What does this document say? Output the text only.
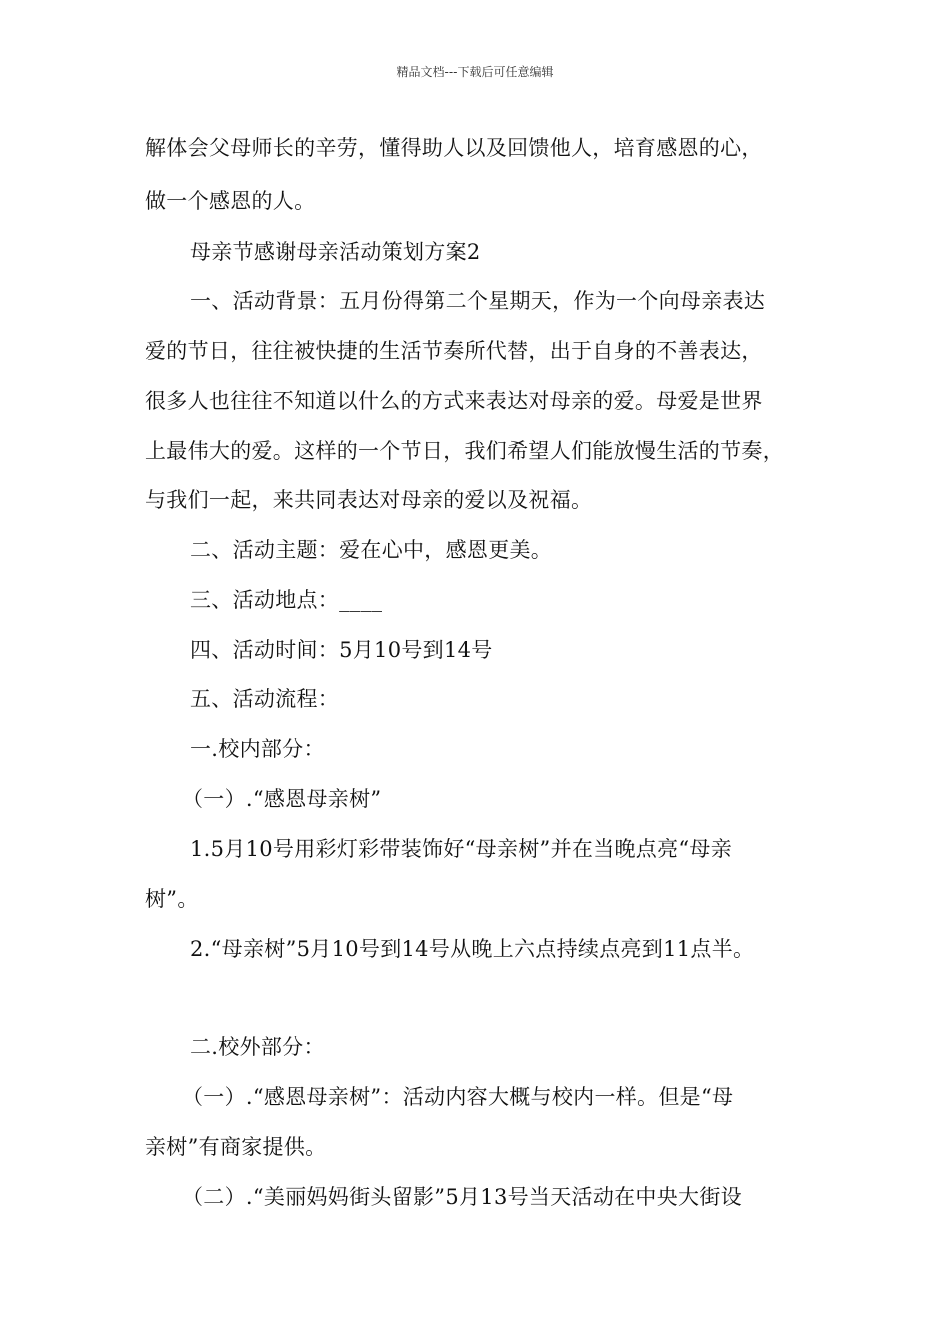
精品文档---下载后可任意编辑
解体会父母师长的辛劳，懂得助人以及回馈他人，培育感恩的心，
做一个感恩的人。
母亲节感谢母亲活动策划方案2
一、活动背景：五月份得第二个星期天，作为一个向母亲表达
爱的节日，往往被快捷的生活节奏所代替，出于自身的不善表达，
很多人也往往不知道以什么的方式来表达对母亲的爱。母爱是世界
上最伟大的爱。这样的一个节日，我们希望人们能放慢生活的节奏，
与我们一起，来共同表达对母亲的爱以及祝福。
二、活动主题：爱在心中，感恩更美。
三、活动地点：____
四、活动时间：5月10号到14号
五、活动流程：
一.校内部分：
（一）.“感恩母亲树”
1.5月10号用彩灯彩带装饰好“母亲树”并在当晚点亮“母亲
树”。
2.“母亲树”5月10号到14号从晚上六点持续点亮到11点半。
二.校外部分：
（一）.“感恩母亲树”：活动内容大概与校内一样。但是“母
亲树”有商家提供。
（二）.“美丽妈妈街头留影”5月13号当天活动在中央大街设
